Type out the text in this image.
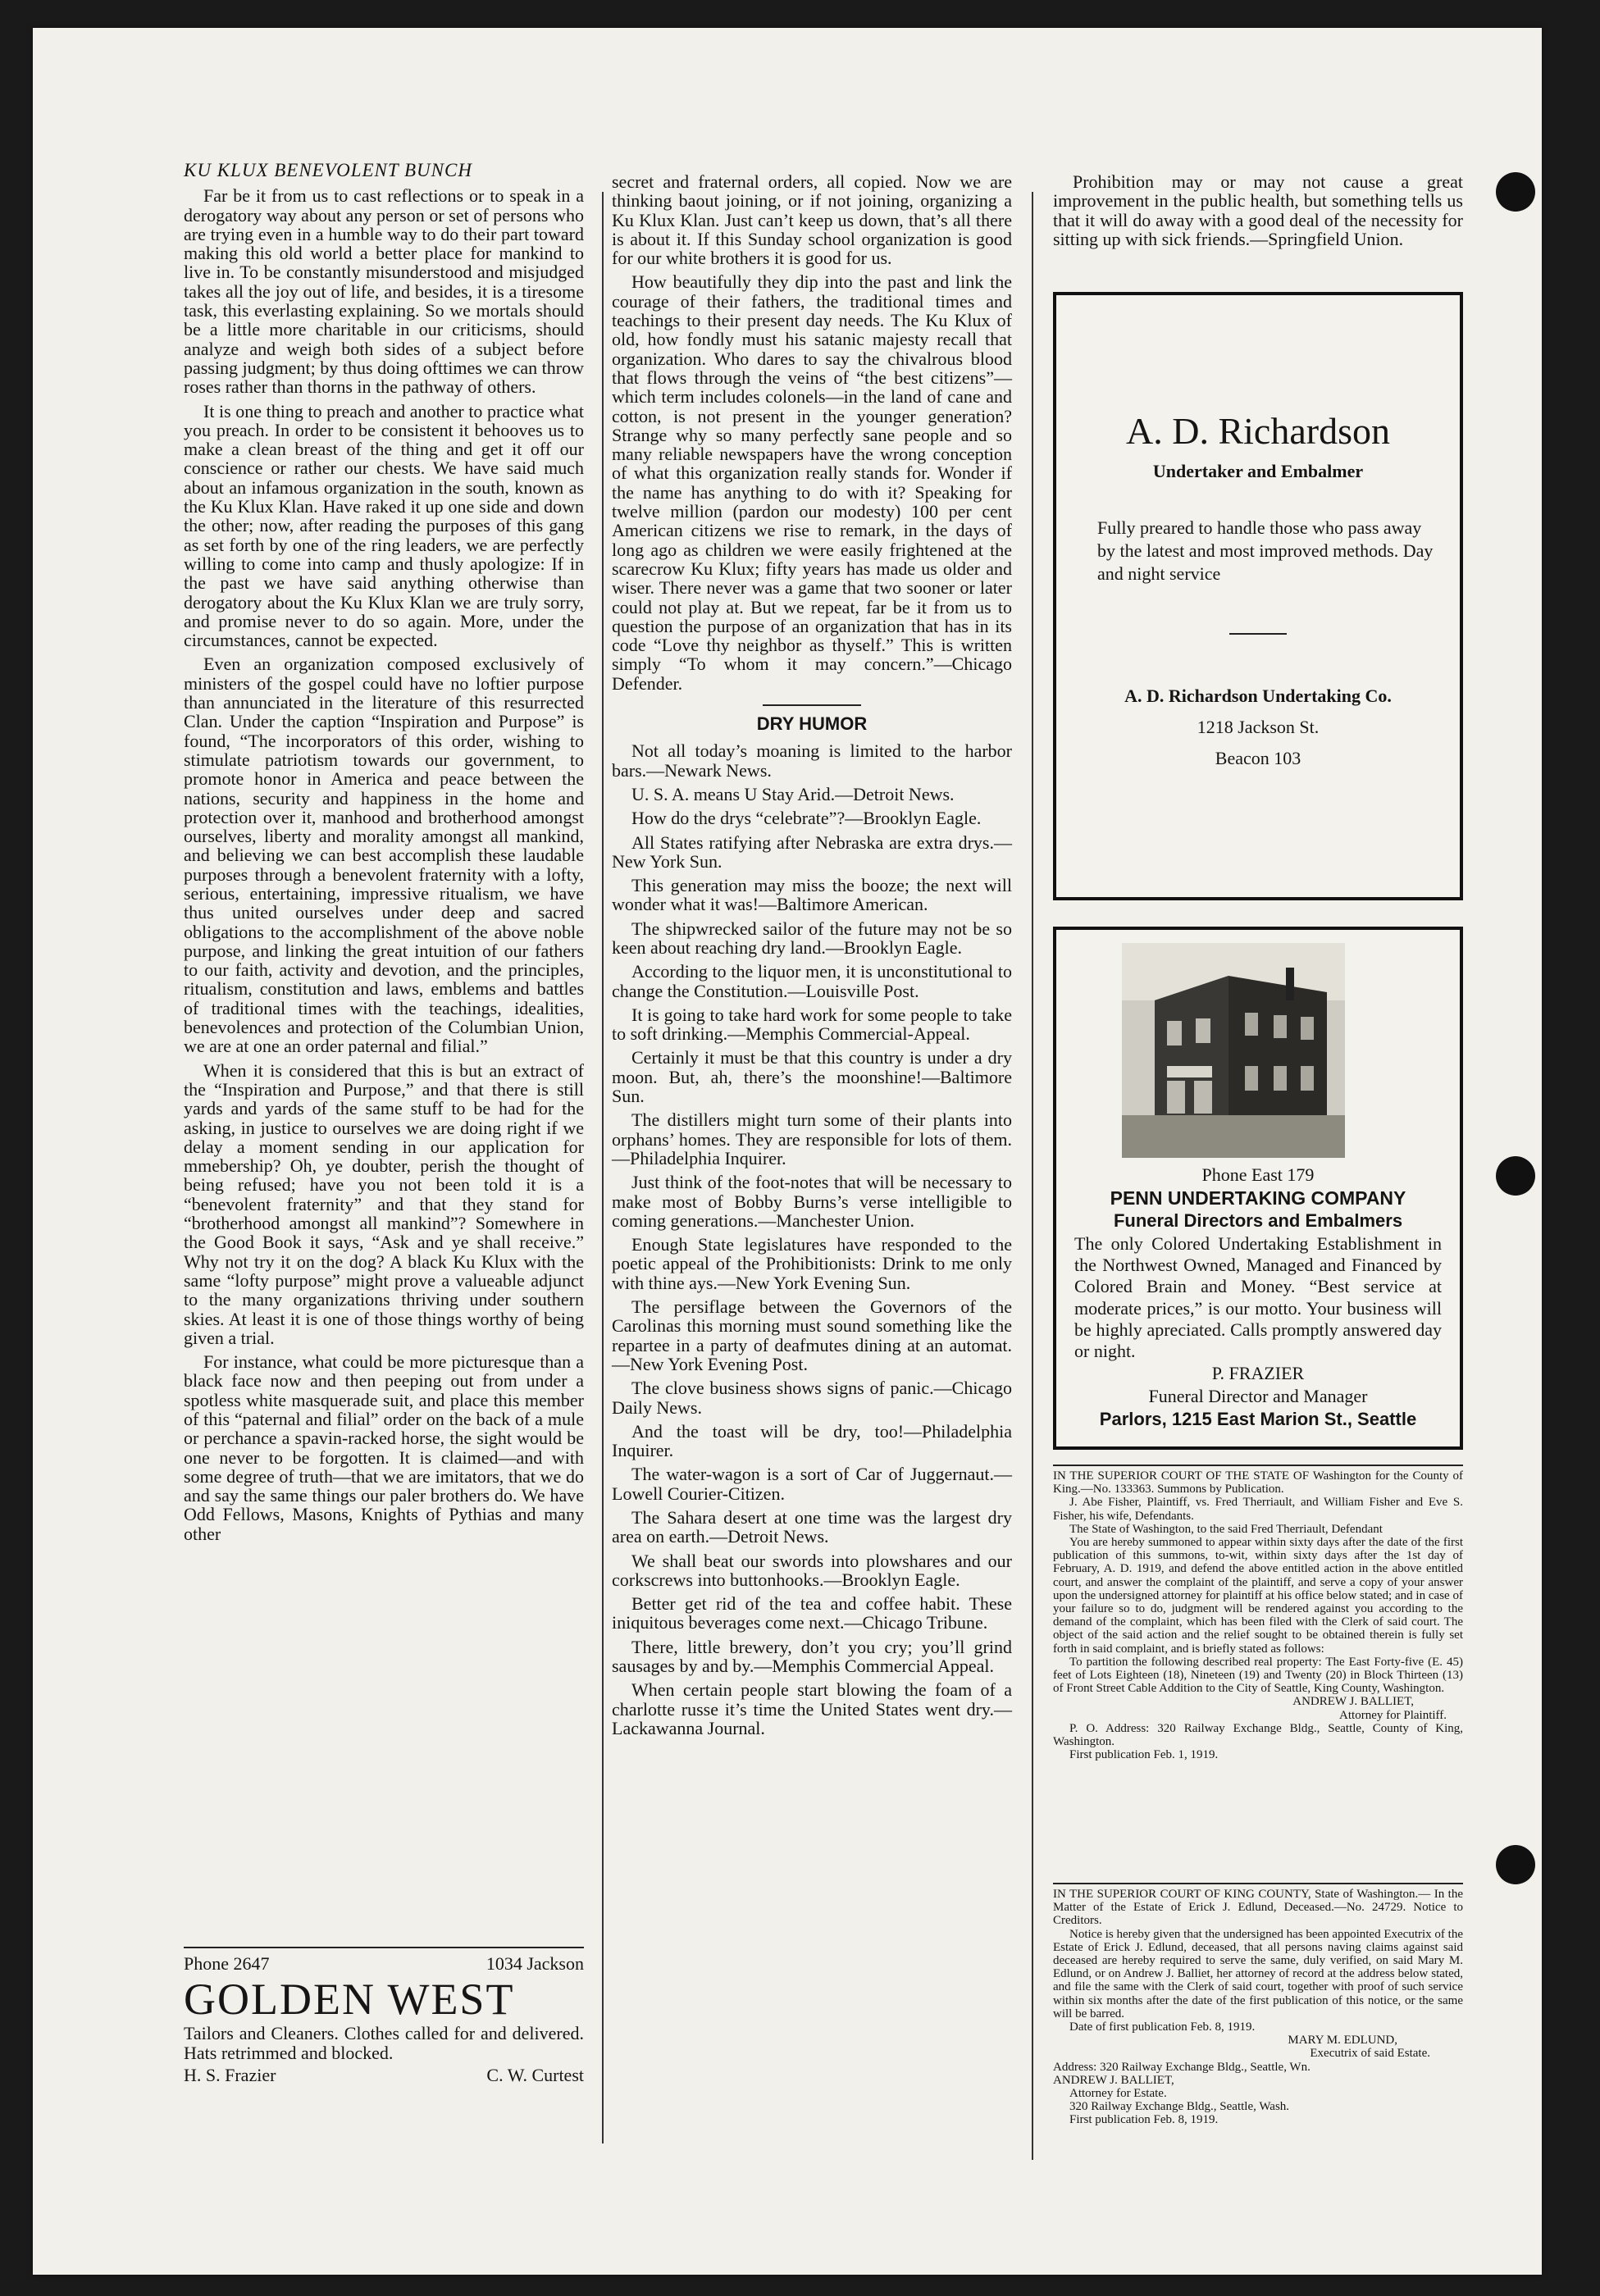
KU KLUX BENEVOLENT BUNCH

Far be it from us to cast reflections or to speak in a derogatory way about any person or set of persons who are trying even in a humble way to do their part toward making this old world a better place for mankind to live in. To be constantly misunderstood and misjudged takes all the joy out of life, and besides, it is a tiresome task, this everlasting explaining. So we mortals should be a little more charitable in our criticisms, should analyze and weigh both sides of a subject before passing judgment; by thus doing ofttimes we can throw roses rather than thorns in the pathway of others.

It is one thing to preach and another to practice what you preach. In order to be consistent it behooves us to make a clean breast of the thing and get it off our conscience or rather our chests. We have said much about an infamous organization in the south, known as the Ku Klux Klan. Have raked it up one side and down the other; now, after reading the purposes of this gang as set forth by one of the ring leaders, we are perfectly willing to come into camp and thusly apologize: If in the past we have said anything otherwise than derogatory about the Ku Klux Klan we are truly sorry, and promise never to do so again. More, under the circumstances, cannot be expected.

Even an organization composed exclusively of ministers of the gospel could have no loftier purpose than annunciated in the literature of this resurrected Clan. Under the caption “Inspiration and Purpose” is found, “The incorporators of this order, wishing to stimulate patriotism towards our government, to promote honor in America and peace between the nations, security and happiness in the home and protection over it, manhood and brotherhood amongst ourselves, liberty and morality amongst all mankind, and believing we can best accomplish these laudable purposes through a benevolent fraternity with a lofty, serious, entertaining, impressive ritualism, we have thus united ourselves under deep and sacred obligations to the accomplishment of the above noble purpose, and linking the great intuition of our fathers to our faith, activity and devotion, and the principles, ritualism, constitution and laws, emblems and battles of traditional times with the teachings, idealities, benevolences and protection of the Columbian Union, we are at one an order paternal and filial.”

When it is considered that this is but an extract of the “Inspiration and Purpose,” and that there is still yards and yards of the same stuff to be had for the asking, in justice to ourselves we are doing right if we delay a moment sending in our application for mmebership? Oh, ye doubter, perish the thought of being refused; have you not been told it is a “benevolent fraternity” and that they stand for “brotherhood amongst all mankind”? Somewhere in the Good Book it says, “Ask and ye shall receive.” Why not try it on the dog? A black Ku Klux with the same “lofty purpose” might prove a valueable adjunct to the many organizations thriving under southern skies. At least it is one of those things worthy of being given a trial.

For instance, what could be more picturesque than a black face now and then peeping out from under a spotless white masquerade suit, and place this member of this “paternal and filial” order on the back of a mule or perchance a spavin-racked horse, the sight would be one never to be forgotten. It is claimed—and with some degree of truth—that we are imitators, that we do and say the same things our paler brothers do. We have Odd Fellows, Masons, Knights of Pythias and many other

Phone 2647	1034 Jackson
GOLDEN WEST
Tailors and Cleaners. Clothes called for and delivered. Hats retrimmed and blocked.
H. S. Frazier	C. W. Curtest

secret and fraternal orders, all copied. Now we are thinking baout joining, or if not joining, organizing a Ku Klux Klan. Just can’t keep us down, that’s all there is about it. If this Sunday school organization is good for our white brothers it is good for us.

How beautifully they dip into the past and link the courage of their fathers, the traditional times and teachings to their present day needs. The Ku Klux of old, how fondly must his satanic majesty recall that organization. Who dares to say the chivalrous blood that flows through the veins of “the best citizens”—which term includes colonels—in the land of cane and cotton, is not present in the younger generation? Strange why so many perfectly sane people and so many reliable newspapers have the wrong conception of what this organization really stands for. Wonder if the name has anything to do with it? Speaking for twelve million (pardon our modesty) 100 per cent American citizens we rise to remark, in the days of long ago as children we were easily frightened at the scarecrow Ku Klux; fifty years has made us older and wiser. There never was a game that two sooner or later could not play at. But we repeat, far be it from us to question the purpose of an organization that has in its code “Love thy neighbor as thyself.” This is written simply “To whom it may concern.”—Chicago Defender.

DRY HUMOR

Not all today’s moaning is limited to the harbor bars.—Newark News.

U. S. A. means U Stay Arid.—Detroit News.

How do the drys “celebrate”?—Brooklyn Eagle.

All States ratifying after Nebraska are extra drys.—New York Sun.

This generation may miss the booze; the next will wonder what it was!—Baltimore American.

The shipwrecked sailor of the future may not be so keen about reaching dry land.—Brooklyn Eagle.

According to the liquor men, it is unconstitutional to change the Constitution.—Louisville Post.

It is going to take hard work for some people to take to soft drinking.—Memphis Commercial-Appeal.

Certainly it must be that this country is under a dry moon. But, ah, there’s the moonshine!—Baltimore Sun.

The distillers might turn some of their plants into orphans’ homes. They are responsible for lots of them.—Philadelphia Inquirer.

Just think of the foot-notes that will be necessary to make most of Bobby Burns’s verse intelligible to coming generations.—Manchester Union.

Enough State legislatures have responded to the poetic appeal of the Prohibitionists: Drink to me only with thine ays.—New York Evening Sun.

The persiflage between the Governors of the Carolinas this morning must sound something like the repartee in a party of deafmutes dining at an automat.—New York Evening Post.

The clove business shows signs of panic.—Chicago Daily News.

And the toast will be dry, too!—Philadelphia Inquirer.

The water-wagon is a sort of Car of Juggernaut.—Lowell Courier-Citizen.

The Sahara desert at one time was the largest dry area on earth.—Detroit News.

We shall beat our swords into plowshares and our corkscrews into buttonhooks.—Brooklyn Eagle.

Better get rid of the tea and coffee habit. These iniquitous beverages come next.—Chicago Tribune.

There, little brewery, don’t you cry; you’ll grind sausages by and by.—Memphis Commercial Appeal.

When certain people start blowing the foam of a charlotte russe it’s time the United States went dry.—Lackawanna Journal.

Prohibition may or may not cause a great improvement in the public health, but something tells us that it will do away with a good deal of the necessity for sitting up with sick friends.—Springfield Union.

A. D. Richardson
Undertaker and Embalmer
Fully preared to handle those who pass away by the latest and most improved methods. Day and night service
A. D. Richardson Undertaking Co.
1218 Jackson St.
Beacon 103
Phone East 179
PENN UNDERTAKING COMPANY
Funeral Directors and Embalmers
The only Colored Undertaking Establishment in the Northwest Owned, Managed and Financed by Colored Brain and Money. “Best service at moderate prices,” is our motto. Your business will be highly apreciated. Calls promptly answered day or night.
P. FRAZIER
Funeral Director and Manager
Parlors, 1215 East Marion St., Seattle

IN THE SUPERIOR COURT OF THE STATE OF Washington for the County of King.—No. 133363. Summons by Publication.

J. Abe Fisher, Plaintiff, vs. Fred Therriault, and William Fisher and Eve S. Fisher, his wife, Defendants.

The State of Washington, to the said Fred Therriault, Defendant

You are hereby summoned to appear within sixty days after the date of the first publication of this summons, to-wit, within sixty days after the 1st day of February, A. D. 1919, and defend the above entitled action in the above entitled court, and answer the complaint of the plaintiff, and serve a copy of your answer upon the undersigned attorney for plaintiff at his office below stated; and in case of your failure so to do, judgment will be rendered against you according to the demand of the complaint, which has been filed with the Clerk of said court. The object of the said action and the relief sought to be obtained therein is fully set forth in said complaint, and is briefly stated as follows:

To partition the following described real property: The East Forty-five (E. 45) feet of Lots Eighteen (18), Nineteen (19) and Twenty (20) in Block Thirteen (13) of Front Street Cable Addition to the City of Seattle, King County, Washington.

ANDREW J. BALLIET,

Attorney for Plaintiff.

P. O. Address: 320 Railway Exchange Bldg., Seattle, County of King, Washington.

First publication Feb. 1, 1919.

IN THE SUPERIOR COURT OF KING COUNTY, State of Washington.— In the Matter of the Estate of Erick J. Edlund, Deceased.—No. 24729. Notice to Creditors.

Notice is hereby given that the undersigned has been appointed Executrix of the Estate of Erick J. Edlund, deceased, that all persons naving claims against said deceased are hereby required to serve the same, duly verified, on said Mary M. Edlund, or on Andrew J. Balliet, her attorney of record at the address below stated, and file the same with the Clerk of said court, together with proof of such service within six months after the date of the first publication of this notice, or the same will be barred.

Date of first publication Feb. 8, 1919.

MARY M. EDLUND,

Executrix of said Estate.

Address: 320 Railway Exchange Bldg., Seattle, Wn.

ANDREW J. BALLIET,

Attorney for Estate.

320 Railway Exchange Bldg., Seattle, Wash.

First publication Feb. 8, 1919.
